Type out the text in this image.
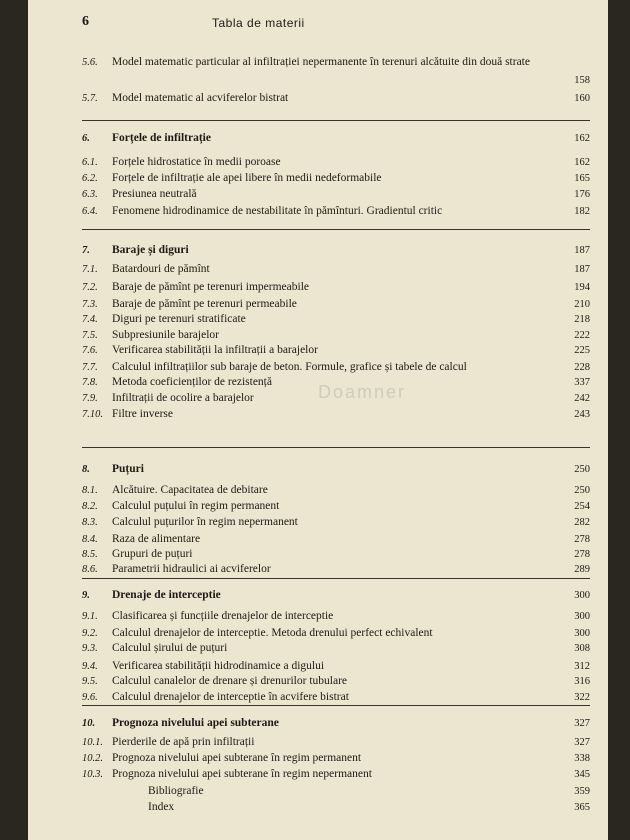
6	Tabla de materii
Doamner
5.6. Model matematic particular al infiltrației nepermanente în terenuri alcătuite din două strate
158
5.7. Model matematic al acviferelor bistrat	160
6. Forțele de infiltrație	162
6.1. Forțele hidrostatice în medii poroase	162
6.2. Forțele de infiltrație ale apei libere în medii nedeformabile	165
6.3. Presiunea neutrală	176
6.4. Fenomene hidrodinamice de nestabilitate în pămînturi. Gradientul critic	182
7. Baraje și diguri	187
7.1. Batardouri de pămînt	187
7.2. Baraje de pămînt pe terenuri impermeabile	194
7.3. Baraje de pămînt pe terenuri permeabile	210
7.4. Diguri pe terenuri stratificate	218
7.5. Subpresiunile barajelor	222
7.6. Verificarea stabilității la infiltrații a barajelor	225
7.7. Calculul infiltrațiilor sub baraje de beton. Formule, grafice și tabele de calcul	228
7.8. Metoda coeficienților de rezistență	337
7.9. Infiltrații de ocolire a barajelor	242
7.10. Filtre inverse	243
8. Puțuri	250
8.1. Alcătuire. Capacitatea de debitare	250
8.2. Calculul puțului în regim permanent	254
8.3. Calculul puțurilor în regim nepermanent	282
8.4. Raza de alimentare	278
8.5. Grupuri de puțuri	278
8.6. Parametrii hidraulici ai acviferelor	289
9. Drenaje de interceptie	300
9.1. Clasificarea și funcțiile drenajelor de interceptie	300
9.2. Calculul drenajelor de interceptie. Metoda drenului perfect echivalent	300
9.3. Calculul șirului de puțuri	308
9.4. Verificarea stabilității hidrodinamice a digului	312
9.5. Calculul canalelor de drenare și drenurilor tubulare	316
9.6. Calculul drenajelor de interceptie în acvifere bistrat	322
10. Prognoza nivelului apei subterane	327
10.1. Pierderile de apă prin infiltrații	327
10.2. Prognoza nivelului apei subterane în regim permanent	338
10.3. Prognoza nivelului apei subterane în regim nepermanent	345
Bibliografie	359
Index	365
